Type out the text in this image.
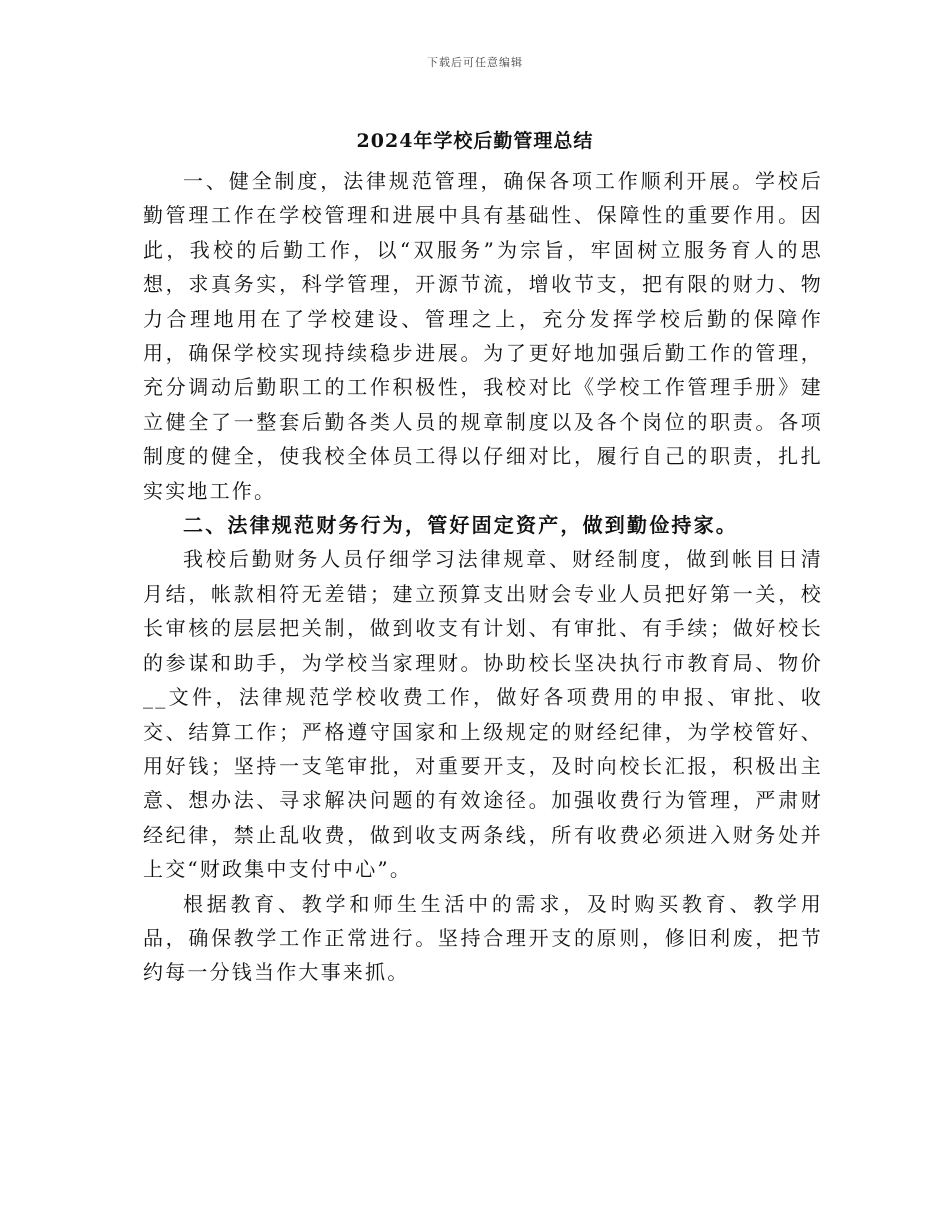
下载后可任意编辑
2024年学校后勤管理总结

一、健全制度，法律规范管理，确保各项工作顺利开展。学校后勤管理工作在学校管理和进展中具有基础性、保障性的重要作用。因此，我校的后勤工作，以“双服务”为宗旨，牢固树立服务育人的思想，求真务实，科学管理，开源节流，增收节支，把有限的财力、物力合理地用在了学校建设、管理之上，充分发挥学校后勤的保障作用，确保学校实现持续稳步进展。为了更好地加强后勤工作的管理，充分调动后勤职工的工作积极性，我校对比《学校工作管理手册》建立健全了一整套后勤各类人员的规章制度以及各个岗位的职责。各项制度的健全，使我校全体员工得以仔细对比，履行自己的职责，扎扎实实地工作。

二、法律规范财务行为，管好固定资产，做到勤俭持家。

我校后勤财务人员仔细学习法律规章、财经制度，做到帐目日清月结，帐款相符无差错；建立预算支出财会专业人员把好第一关，校长审核的层层把关制，做到收支有计划、有审批、有手续；做好校长的参谋和助手，为学校当家理财。协助校长坚决执行市教育局、物价__文件，法律规范学校收费工作，做好各项费用的申报、审批、收交、结算工作；严格遵守国家和上级规定的财经纪律，为学校管好、用好钱；坚持一支笔审批，对重要开支，及时向校长汇报，积极出主意、想办法、寻求解决问题的有效途径。加强收费行为管理，严肃财经纪律，禁止乱收费，做到收支两条线，所有收费必须进入财务处并上交“财政集中支付中心”。

根据教育、教学和师生生活中的需求，及时购买教育、教学用品，确保教学工作正常进行。坚持合理开支的原则，修旧利废，把节约每一分钱当作大事来抓。
